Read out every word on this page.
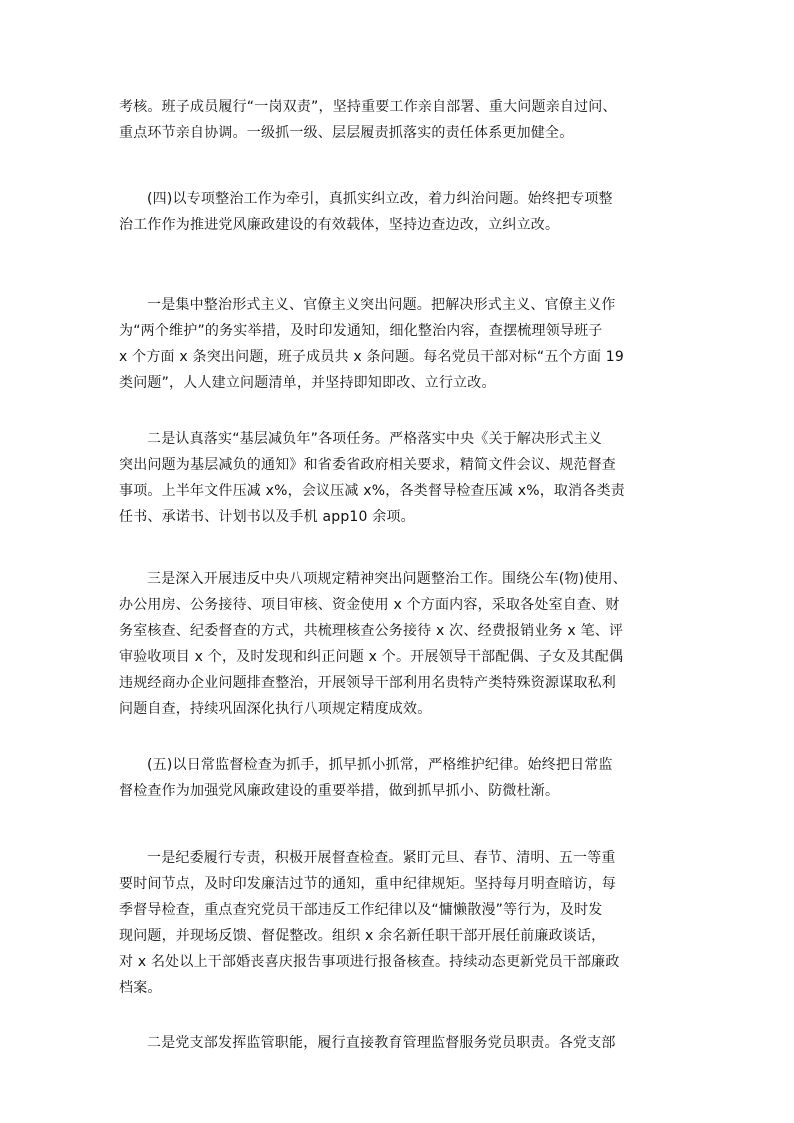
考核。班子成员履行“一岗双责”，坚持重要工作亲自部署、重大问题亲自过问、
重点环节亲自协调。一级抓一级、层层履责抓落实的责任体系更加健全。

(四)以专项整治工作为牵引，真抓实纠立改，着力纠治问题。始终把专项整
治工作作为推进党风廉政建设的有效载体，坚持边查边改，立纠立改。

一是集中整治形式主义、官僚主义突出问题。把解决形式主义、官僚主义作
为“两个维护”的务实举措，及时印发通知，细化整治内容，查摆梳理领导班子
x 个方面 x 条突出问题，班子成员共 x 条问题。每名党员干部对标“五个方面 19
类问题”，人人建立问题清单，并坚持即知即改、立行立改。

二是认真落实“基层减负年”各项任务。严格落实中央《关于解决形式主义
突出问题为基层减负的通知》和省委省政府相关要求，精简文件会议、规范督查
事项。上半年文件压减 x%，会议压减 x%，各类督导检查压减 x%，取消各类责
任书、承诺书、计划书以及手机 app10 余项。

三是深入开展违反中央八项规定精神突出问题整治工作。围绕公车(物)使用、
办公用房、公务接待、项目审核、资金使用 x 个方面内容，采取各处室自查、财
务室核查、纪委督查的方式，共梳理核查公务接待 x 次、经费报销业务 x 笔、评
审验收项目 x 个，及时发现和纠正问题 x 个。开展领导干部配偶、子女及其配偶
违规经商办企业问题排查整治，开展领导干部利用名贵特产类特殊资源谋取私利
问题自查，持续巩固深化执行八项规定精度成效。

(五)以日常监督检查为抓手，抓早抓小抓常，严格维护纪律。始终把日常监
督检查作为加强党风廉政建设的重要举措，做到抓早抓小、防微杜渐。

一是纪委履行专责，积极开展督查检查。紧盯元旦、春节、清明、五一等重
要时间节点，及时印发廉洁过节的通知，重申纪律规矩。坚持每月明查暗访，每
季督导检查，重点查究党员干部违反工作纪律以及“慵懒散漫”等行为，及时发
现问题，并现场反馈、督促整改。组织 x 余名新任职干部开展任前廉政谈话，
对 x 名处以上干部婚丧喜庆报告事项进行报备核查。持续动态更新党员干部廉政
档案。

二是党支部发挥监管职能，履行直接教育管理监督服务党员职责。各党支部
